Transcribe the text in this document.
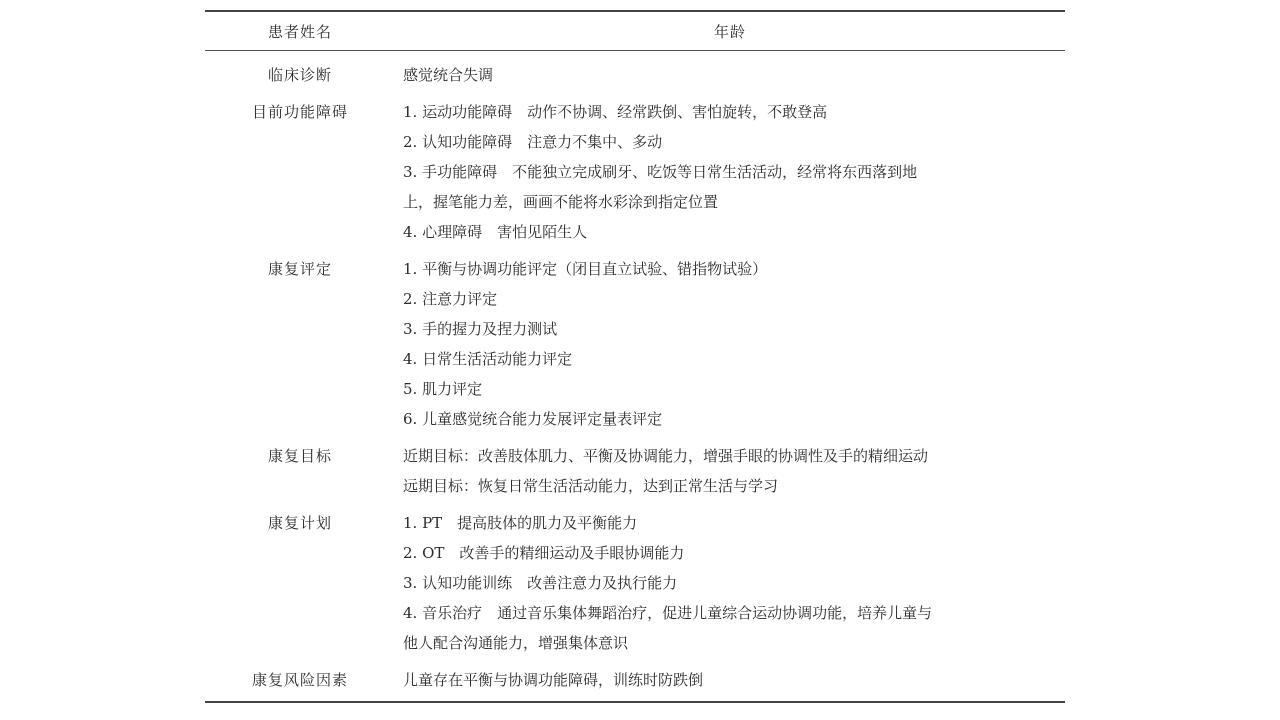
患者姓名	年龄
临床诊断	感觉统合失调
目前功能障碍	1. 运动功能障碍　动作不协调、经常跌倒、害怕旋转，不敢登高
2. 认知功能障碍　注意力不集中、多动
3. 手功能障碍　不能独立完成刷牙、吃饭等日常生活活动，经常将东西落到地
上，握笔能力差，画画不能将水彩涂到指定位置
4. 心理障碍　害怕见陌生人
康复评定	1. 平衡与协调功能评定（闭目直立试验、错指物试验）
2. 注意力评定
3. 手的握力及捏力测试
4. 日常生活活动能力评定
5. 肌力评定
6. 儿童感觉统合能力发展评定量表评定
康复目标	近期目标：改善肢体肌力、平衡及协调能力，增强手眼的协调性及手的精细运动
远期目标：恢复日常生活活动能力，达到正常生活与学习
康复计划	1. PT　提高肢体的肌力及平衡能力
2. OT　改善手的精细运动及手眼协调能力
3. 认知功能训练　改善注意力及执行能力
4. 音乐治疗　通过音乐集体舞蹈治疗，促进儿童综合运动协调功能，培养儿童与
他人配合沟通能力，增强集体意识
康复风险因素	儿童存在平衡与协调功能障碍，训练时防跌倒
